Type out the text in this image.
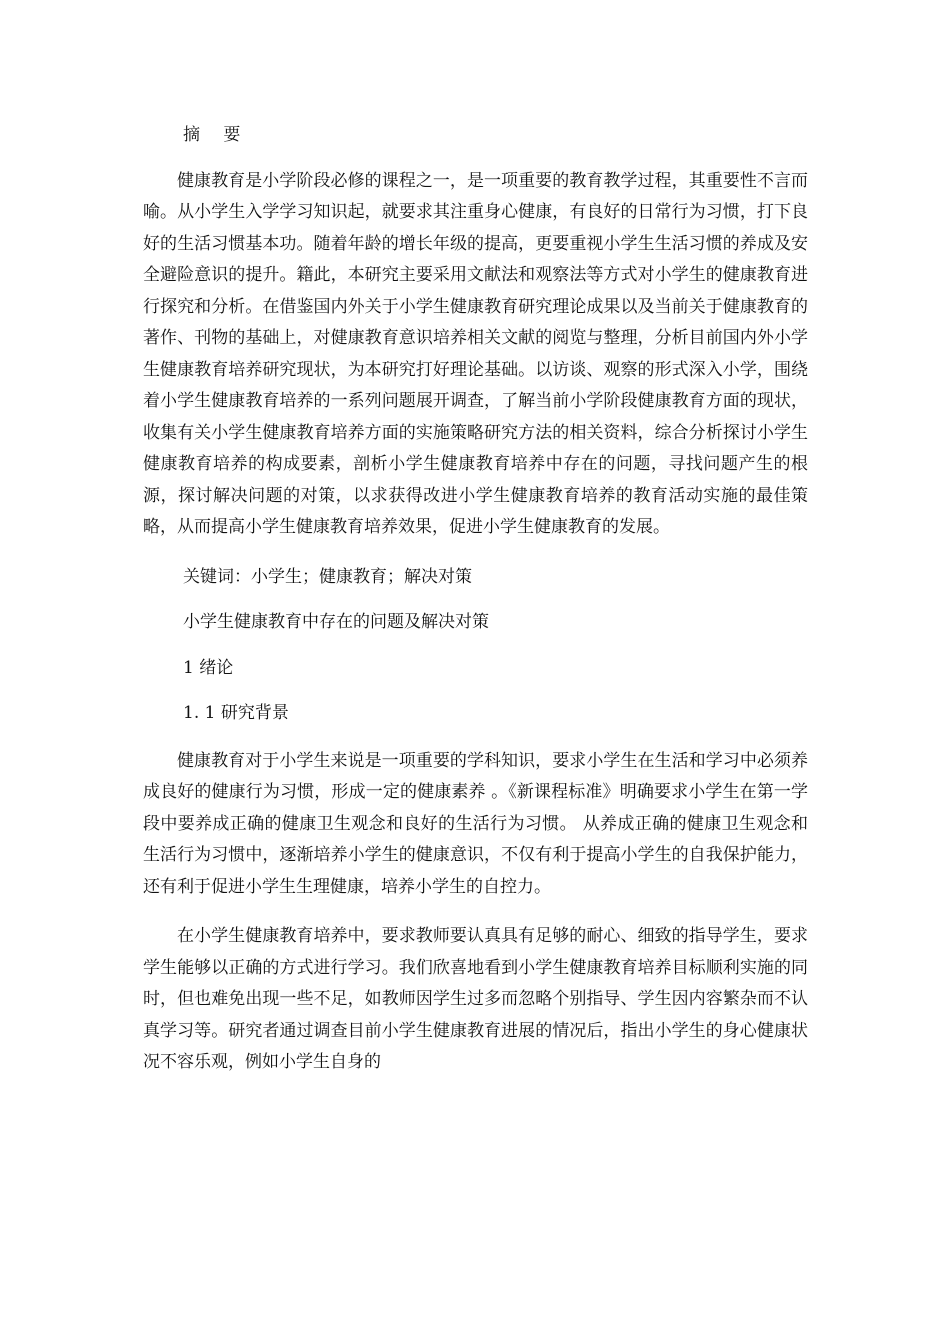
摘 要

健康教育是小学阶段必修的课程之一，是一项重要的教育教学过程，其重要性不言而喻。从小学生入学学习知识起，就要求其注重身心健康，有良好的日常行为习惯，打下良好的生活习惯基本功。随着年龄的增长年级的提高，更要重视小学生生活习惯的养成及安全避险意识的提升。籍此，本研究主要采用文献法和观察法等方式对小学生的健康教育进行探究和分析。在借鉴国内外关于小学生健康教育研究理论成果以及当前关于健康教育的著作、刊物的基础上，对健康教育意识培养相关文献的阅览与整理，分析目前国内外小学生健康教育培养研究现状，为本研究打好理论基础。以访谈、观察的形式深入小学，围绕着小学生健康教育培养的一系列问题展开调查，了解当前小学阶段健康教育方面的现状，收集有关小学生健康教育培养方面的实施策略研究方法的相关资料，综合分析探讨小学生健康教育培养的构成要素，剖析小学生健康教育培养中存在的问题，寻找问题产生的根源，探讨解决问题的对策，以求获得改进小学生健康教育培养的教育活动实施的最佳策略，从而提高小学生健康教育培养效果，促进小学生健康教育的发展。

关键词：小学生；健康教育；解决对策

小学生健康教育中存在的问题及解决对策

1 绪论

1. 1 研究背景

健康教育对于小学生来说是一项重要的学科知识，要求小学生在生活和学习中必须养成良好的健康行为习惯，形成一定的健康素养 。《新课程标准》明确要求小学生在第一学段中要养成正确的健康卫生观念和良好的生活行为习惯。 从养成正确的健康卫生观念和生活行为习惯中，逐渐培养小学生的健康意识，不仅有利于提高小学生的自我保护能力，还有利于促进小学生生理健康，培养小学生的自控力。

在小学生健康教育培养中，要求教师要认真具有足够的耐心、细致的指导学生，要求学生能够以正确的方式进行学习。我们欣喜地看到小学生健康教育培养目标顺利实施的同时，但也难免出现一些不足，如教师因学生过多而忽略个别指导、学生因内容繁杂而不认真学习等。研究者通过调查目前小学生健康教育进展的情况后，指出小学生的身心健康状况不容乐观，例如小学生自身的
